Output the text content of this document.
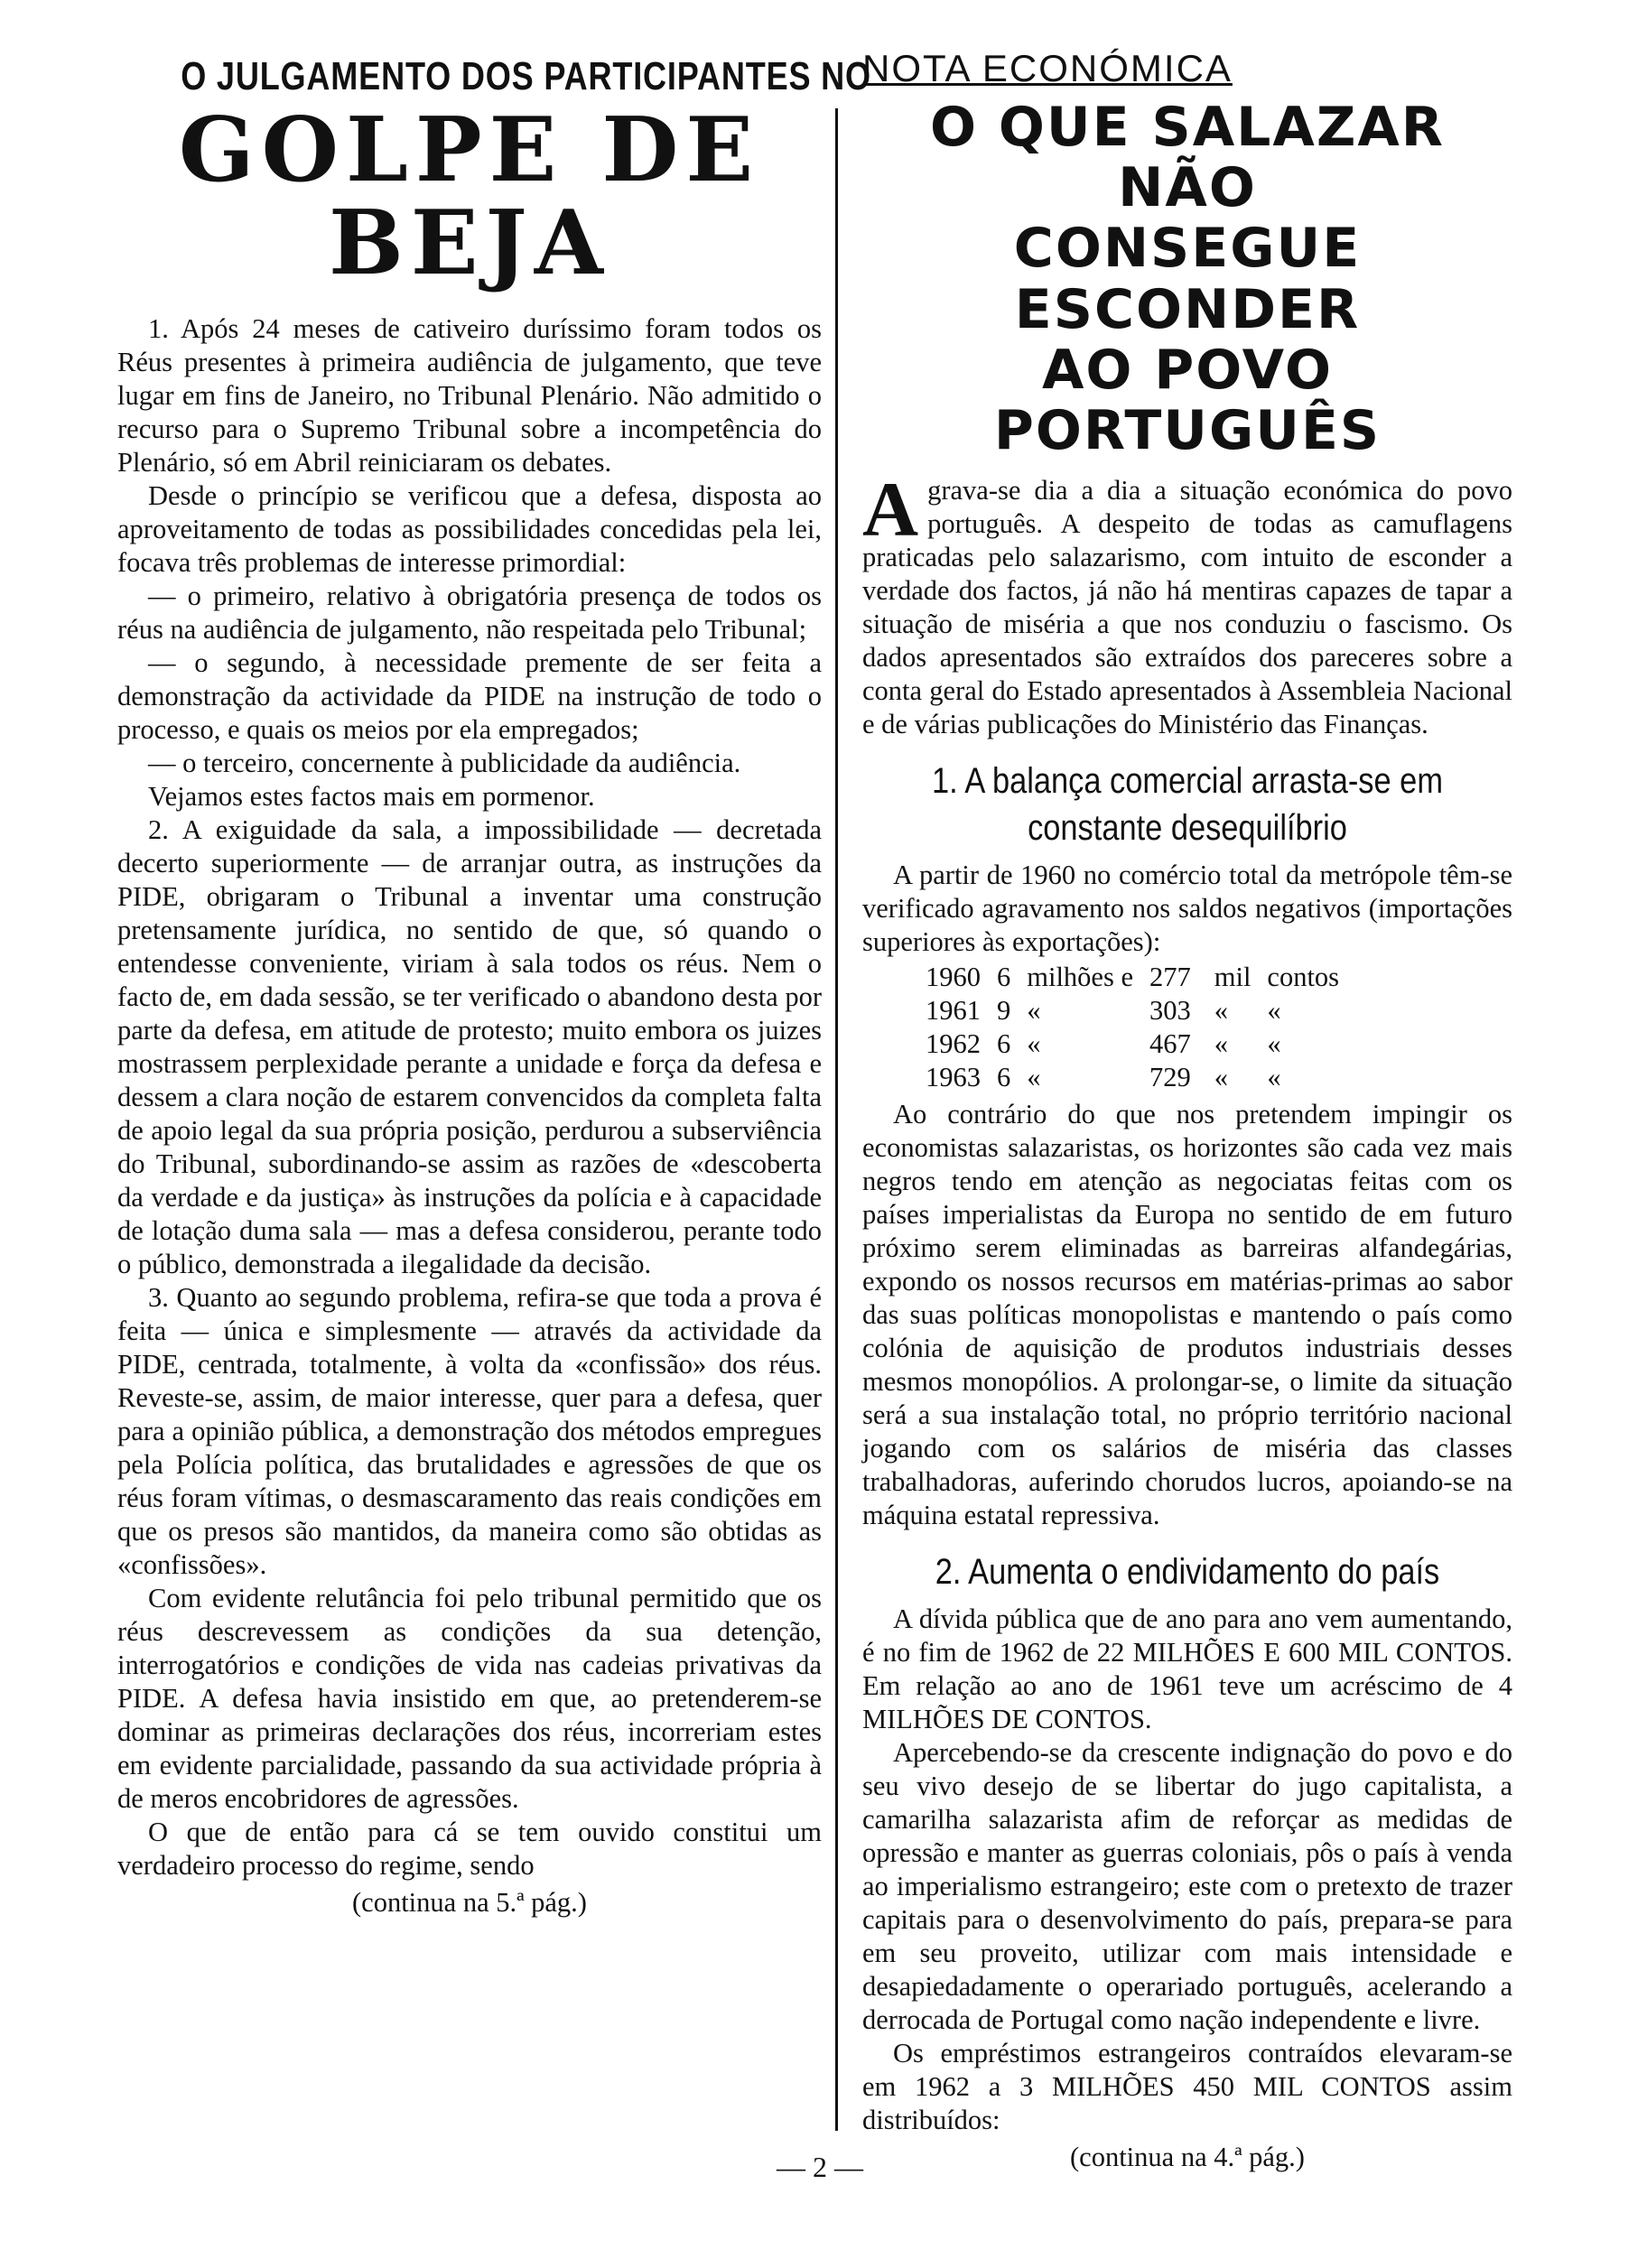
O JULGAMENTO DOS PARTICIPANTES NO
GOLPE DE BEJA

1. Após 24 meses de cativeiro duríssimo foram todos os Réus presentes à primeira audiência de julgamento, que teve lugar em fins de Janeiro, no Tribunal Plenário. Não admitido o recurso para o Supremo Tribunal sobre a incompetência do Plenário, só em Abril reiniciaram os debates.

Desde o princípio se verificou que a defesa, disposta ao aproveitamento de todas as possibilidades concedidas pela lei, focava três problemas de interesse primordial:

— o primeiro, relativo à obrigatória presença de todos os réus na audiência de julgamento, não respeitada pelo Tribunal;

— o segundo, à necessidade premente de ser feita a demonstração da actividade da PIDE na instrução de todo o processo, e quais os meios por ela empregados;

— o terceiro, concernente à publicidade da audiência.

Vejamos estes factos mais em pormenor.

2. A exiguidade da sala, a impossibilidade — decretada decerto superiormente — de arranjar outra, as instruções da PIDE, obrigaram o Tribunal a inventar uma construção pretensamente jurídica, no sentido de que, só quando o entendesse conveniente, viriam à sala todos os réus. Nem o facto de, em dada sessão, se ter verificado o abandono desta por parte da defesa, em atitude de protesto; muito embora os juizes mostrassem perplexidade perante a unidade e força da defesa e dessem a clara noção de estarem convencidos da completa falta de apoio legal da sua própria posição, perdurou a subserviência do Tribunal, subordinando-se assim as razões de «descoberta da verdade e da justiça» às instruções da polícia e à capacidade de lotação duma sala — mas a defesa considerou, perante todo o público, demonstrada a ilegalidade da decisão.

3. Quanto ao segundo problema, refira-se que toda a prova é feita — única e simplesmente — através da actividade da PIDE, centrada, totalmente, à volta da «confissão» dos réus. Reveste-se, assim, de maior interesse, quer para a defesa, quer para a opinião pública, a demonstração dos métodos empregues pela Polícia política, das brutalidades e agressões de que os réus foram vítimas, o desmascaramento das reais condições em que os presos são mantidos, da maneira como são obtidas as «confissões».

Com evidente relutância foi pelo tribunal permitido que os réus descrevessem as condições da sua detenção, interrogatórios e condições de vida nas cadeias privativas da PIDE. A defesa havia insistido em que, ao pretenderem-se dominar as primeiras declarações dos réus, incorreriam estes em evidente parcialidade, passando da sua actividade própria à de meros encobridores de agressões.

O que de então para cá se tem ouvido constitui um verdadeiro processo do regime, sendo

(continua na 5.ª pág.)
NOTA ECONÓMICA
O QUE SALAZAR NÃO
CONSEGUE ESCONDER
AO POVO PORTUGUÊS

Agrava-se dia a dia a situação económica do povo português. A despeito de todas as camuflagens praticadas pelo salazarismo, com intuito de esconder a verdade dos factos, já não há mentiras capazes de tapar a situação de miséria a que nos conduziu o fascismo. Os dados apresentados são extraídos dos pareceres sobre a conta geral do Estado apresentados à Assembleia Nacional e de várias publicações do Ministério das Finanças.

1. A balança comercial arrasta-se em
constante desequilíbrio

A partir de 1960 no comércio total da metrópole têm-se verificado agravamento nos saldos negativos (importações superiores às exportações):

1960	6	milhões e	277	mil	contos
1961	9	«	303	«	«
1962	6	«	467	«	«
1963	6	«	729	«	«

Ao contrário do que nos pretendem impingir os economistas salazaristas, os horizontes são cada vez mais negros tendo em atenção as negociatas feitas com os países imperialistas da Europa no sentido de em futuro próximo serem eliminadas as barreiras alfandegárias, expondo os nossos recursos em matérias-primas ao sabor das suas políticas monopolistas e mantendo o país como colónia de aquisição de produtos industriais desses mesmos monopólios. A prolongar-se, o limite da situação será a sua instalação total, no próprio território nacional jogando com os salários de miséria das classes trabalhadoras, auferindo chorudos lucros, apoiando-se na máquina estatal repressiva.

2. Aumenta o endividamento do país

A dívida pública que de ano para ano vem aumentando, é no fim de 1962 de 22 MILHÕES E 600 MIL CONTOS. Em relação ao ano de 1961 teve um acréscimo de 4 MILHÕES DE CONTOS.

Apercebendo-se da crescente indignação do povo e do seu vivo desejo de se libertar do jugo capitalista, a camarilha salazarista afim de reforçar as medidas de opressão e manter as guerras coloniais, pôs o país à venda ao imperialismo estrangeiro; este com o pretexto de trazer capitais para o desenvolvimento do país, prepara-se para em seu proveito, utilizar com mais intensidade e desapiedadamente o operariado português, acelerando a derrocada de Portugal como nação independente e livre.

Os empréstimos estrangeiros contraídos elevaram-se em 1962 a 3 MILHÕES 450 MIL CONTOS assim distribuídos:

(continua na 4.ª pág.)
— 2 —
